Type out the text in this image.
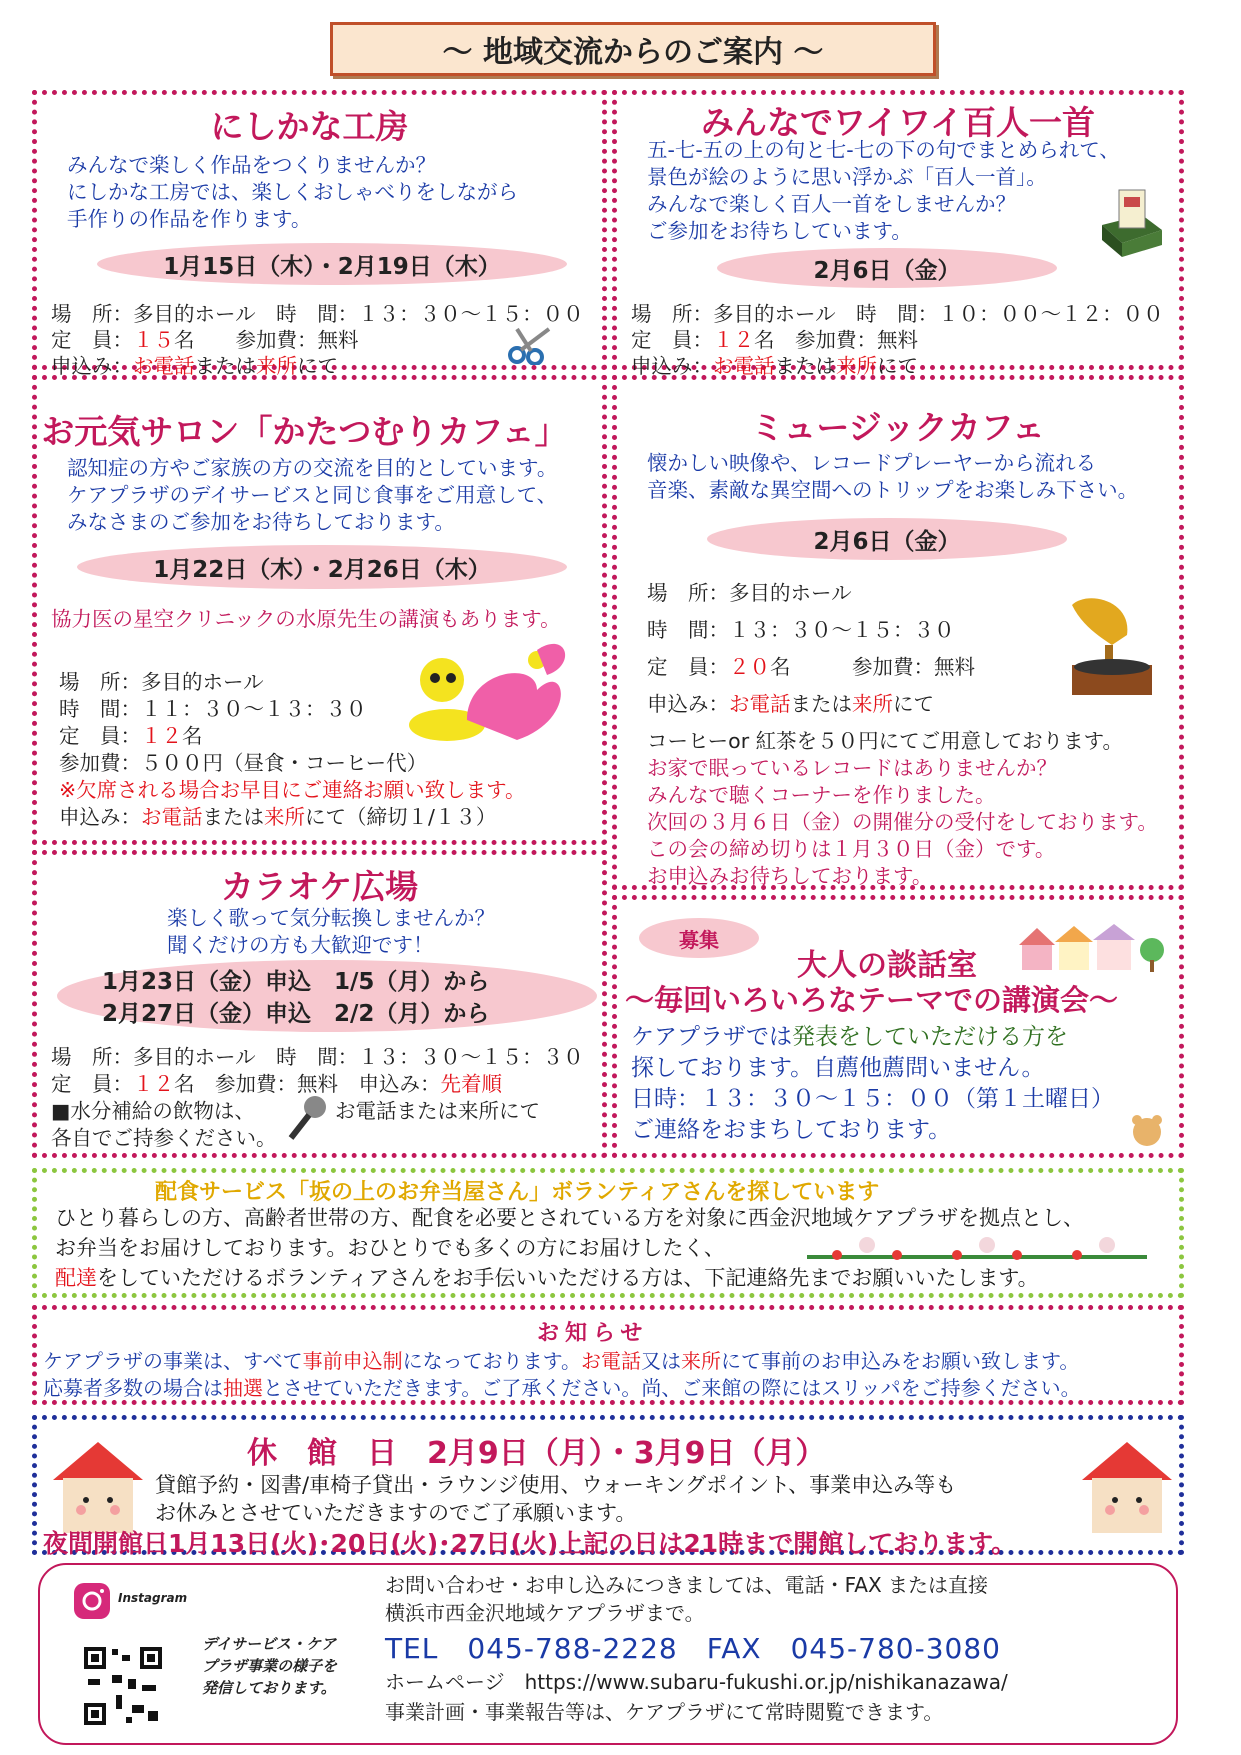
～ 地域交流からのご案内 ～
にしかな工房
みんなで楽しく作品をつくりませんか？
にしかな工房では、楽しくおしゃべりをしながら
手作りの作品を作ります。
1月15日（木）・2月19日（木）
場　所：多目的ホール　時　間：１３：３０～１５：００
定　員：１５名　　参加費：無料
申込み：お電話または来所にて
みんなでワイワイ百人一首
五-七-五の上の句と七-七の下の句でまとめられて、
景色が絵のように思い浮かぶ「百人一首」。
みんなで楽しく百人一首をしませんか？
ご参加をお待ちしています。
2月6日（金）
場　所：多目的ホール　時　間：１０：００～１２：００
定　員：１２名　参加費：無料
申込み：お電話または来所にて
お元気サロン「かたつむりカフェ」
認知症の方やご家族の方の交流を目的としています。
ケアプラザのデイサービスと同じ食事をご用意して、
みなさまのご参加をお待ちしております。
1月22日（木）・2月26日（木）
協力医の星空クリニックの水原先生の講演もあります。
場　所：多目的ホール
時　間：１１：３０～１３：３０
定　員：１２名
参加費：５００円（昼食・コーヒー代）
※欠席される場合お早目にご連絡お願い致します。
申込み：お電話または来所にて（締切１/１３）
ミュージックカフェ
懐かしい映像や、レコードプレーヤーから流れる
音楽、素敵な異空間へのトリップをお楽しみ下さい。
2月6日（金）
場　所：多目的ホール
時　間：１３：３０～１５：３０
定　員：２０名　　　参加費：無料
申込み：お電話または来所にて
コーヒーor 紅茶を５０円にてご用意しております。
お家で眠っているレコードはありませんか？
みんなで聴くコーナーを作りました。
次回の３月６日（金）の開催分の受付をしております。
この会の締め切りは１月３０日（金）です。
お申込みお待ちしております。
カラオケ広場
楽しく歌って気分転換しませんか？
聞くだけの方も大歓迎です！
1月23日（金）申込　1/5（月）から
2月27日（金）申込　2/2（月）から
場　所：多目的ホール　時　間：１３：３０～１５：３０
定　員：１２名　参加費：無料　申込み：先着順
■水分補給の飲物は、
各自でご持参ください。
お電話または来所にて
募集
大人の談話室
～毎回いろいろなテーマでの講演会～
ケアプラザでは発表をしていただける方を
探しております。自薦他薦問いません。
日時：１３：３０～１５：００（第１土曜日）
ご連絡をおまちしております。
配食サービス「坂の上のお弁当屋さん」ボランティアさんを探しています
ひとり暮らしの方、高齢者世帯の方、配食を必要とされている方を対象に西金沢地域ケアプラザを拠点とし、
お弁当をお届けしております。おひとりでも多くの方にお届けしたく、
配達をしていただけるボランティアさんをお手伝いいただける方は、下記連絡先までお願いいたします。
お知らせ
ケアプラザの事業は、すべて事前申込制になっております。お電話又は来所にて事前のお申込みをお願い致します。
応募者多数の場合は抽選とさせていただきます。ご了承ください。尚、ご来館の際にはスリッパをご持参ください。
休　館　日　2月9日（月）・3月9日（月）
貸館予約・図書/車椅子貸出・ラウンジ使用、ウォーキングポイント、事業申込み等も
お休みとさせていただきますのでご了承願います。
夜間開館日1月13日(火)･20日(火)･27日(火)上記の日は21時まで開館しております。
Instagram
デイサービス・ケア
プラザ事業の様子を
発信しております。
お問い合わせ・お申し込みにつきましては、電話・FAX または直接
横浜市西金沢地域ケアプラザまで。
TEL　045-788-2228　FAX　045-780-3080
ホームページ　https://www.subaru-fukushi.or.jp/nishikanazawa/
事業計画・事業報告等は、ケアプラザにて常時閲覧できます。
